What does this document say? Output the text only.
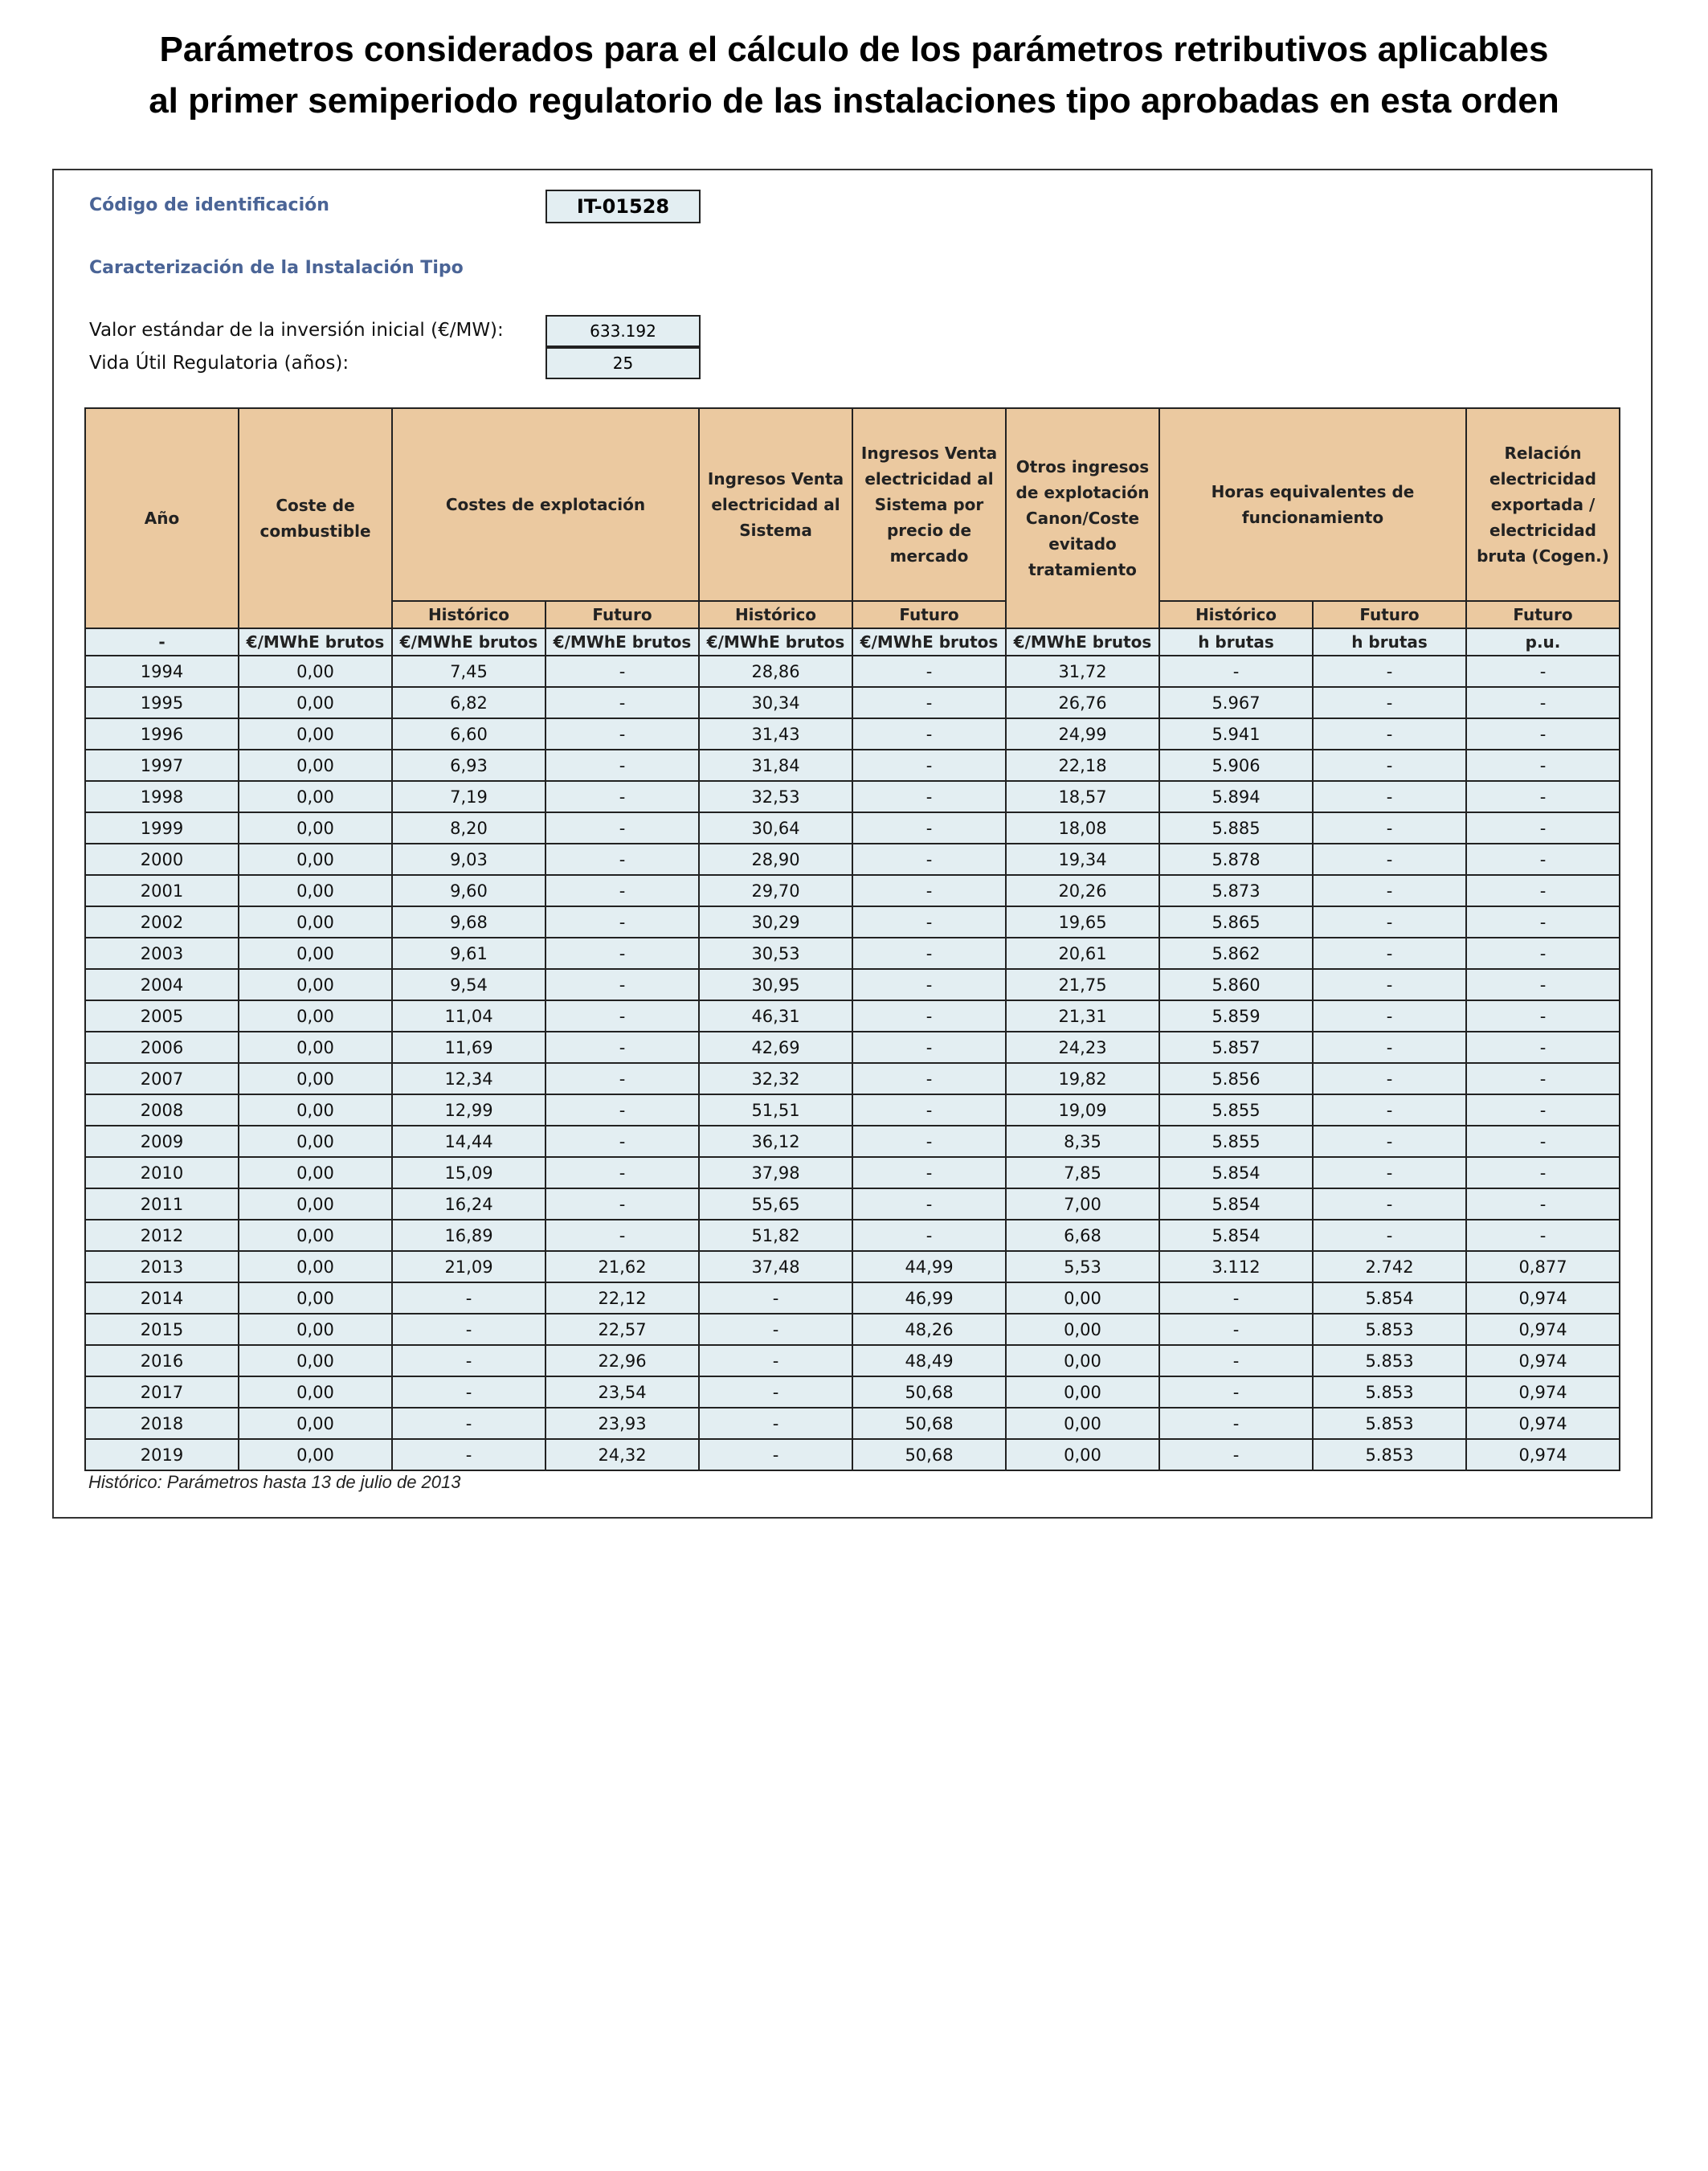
Parámetros considerados para el cálculo de los parámetros retributivos aplicables
al primer semiperiodo regulatorio de las instalaciones tipo aprobadas en esta orden
Código de identificación	IT-01528
Caracterización de la Instalación Tipo
Valor estándar de la inversión inicial (€/MW):	633.192
Vida Útil Regulatoria (años):	25
Año	Coste de combustible	Costes de explotación		Ingresos Venta electricidad al Sistema	Ingresos Venta electricidad al Sistema por precio de mercado	Otros ingresos de explotación Canon/Coste evitado tratamiento	Horas equivalentes de funcionamiento		Relación electricidad exportada / electricidad bruta (Cogen.)
		Histórico	Futuro	Histórico	Futuro		Histórico	Futuro	Futuro
-	€/MWhE brutos	€/MWhE brutos	€/MWhE brutos	€/MWhE brutos	€/MWhE brutos	€/MWhE brutos	h brutas	h brutas	p.u.
1994	0,00	7,45	-	28,86	-	31,72	-	-	-
1995	0,00	6,82	-	30,34	-	26,76	5.967	-	-
1996	0,00	6,60	-	31,43	-	24,99	5.941	-	-
1997	0,00	6,93	-	31,84	-	22,18	5.906	-	-
1998	0,00	7,19	-	32,53	-	18,57	5.894	-	-
1999	0,00	8,20	-	30,64	-	18,08	5.885	-	-
2000	0,00	9,03	-	28,90	-	19,34	5.878	-	-
2001	0,00	9,60	-	29,70	-	20,26	5.873	-	-
2002	0,00	9,68	-	30,29	-	19,65	5.865	-	-
2003	0,00	9,61	-	30,53	-	20,61	5.862	-	-
2004	0,00	9,54	-	30,95	-	21,75	5.860	-	-
2005	0,00	11,04	-	46,31	-	21,31	5.859	-	-
2006	0,00	11,69	-	42,69	-	24,23	5.857	-	-
2007	0,00	12,34	-	32,32	-	19,82	5.856	-	-
2008	0,00	12,99	-	51,51	-	19,09	5.855	-	-
2009	0,00	14,44	-	36,12	-	8,35	5.855	-	-
2010	0,00	15,09	-	37,98	-	7,85	5.854	-	-
2011	0,00	16,24	-	55,65	-	7,00	5.854	-	-
2012	0,00	16,89	-	51,82	-	6,68	5.854	-	-
2013	0,00	21,09	21,62	37,48	44,99	5,53	3.112	2.742	0,877
2014	0,00	-	22,12	-	46,99	0,00	-	5.854	0,974
2015	0,00	-	22,57	-	48,26	0,00	-	5.853	0,974
2016	0,00	-	22,96	-	48,49	0,00	-	5.853	0,974
2017	0,00	-	23,54	-	50,68	0,00	-	5.853	0,974
2018	0,00	-	23,93	-	50,68	0,00	-	5.853	0,974
2019	0,00	-	24,32	-	50,68	0,00	-	5.853	0,974
Histórico: Parámetros hasta 13 de julio de 2013
